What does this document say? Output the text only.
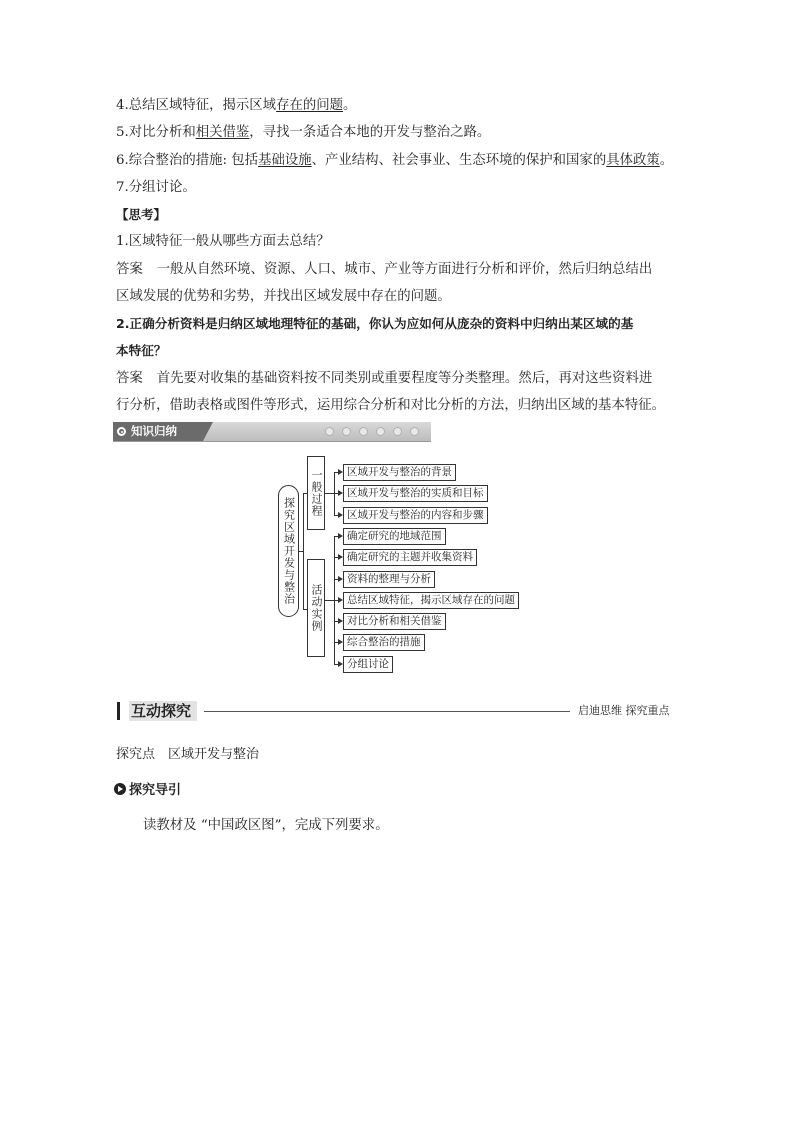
4.总结区域特征，揭示区域存在的问题。
5.对比分析和相关借鉴，寻找一条适合本地的开发与整治之路。
6.综合整治的措施: 包括基础设施、产业结构、社会事业、生态环境的保护和国家的具体政策。
7.分组讨论。
【思考】
1.区域特征一般从哪些方面去总结？
答案 一般从自然环境、资源、人口、城市、产业等方面进行分析和评价，然后归纳总结出
区域发展的优势和劣势，并找出区域发展中存在的问题。
2.正确分析资料是归纳区域地理特征的基础，你认为应如何从庞杂的资料中归纳出某区域的基
本特征？
答案 首先要对收集的基础资料按不同类别或重要程度等分类整理。然后，再对这些资料进
行分析，借助表格或图件等形式，运用综合分析和对比分析的方法，归纳出区域的基本特征。
知识归纳
探究区域开发与整治
一般过程
活动实例
区域开发与整治的背景
区域开发与整治的实质和目标
区域开发与整治的内容和步骤
确定研究的地域范围
确定研究的主题并收集资料
资料的整理与分析
总结区域特征，揭示区域存在的问题
对比分析和相关借鉴
综合整治的措施
分组讨论
互动探究	启迪思维 探究重点
探究点　区域开发与整治
探究导引
读教材及 “中国政区图”，完成下列要求。
